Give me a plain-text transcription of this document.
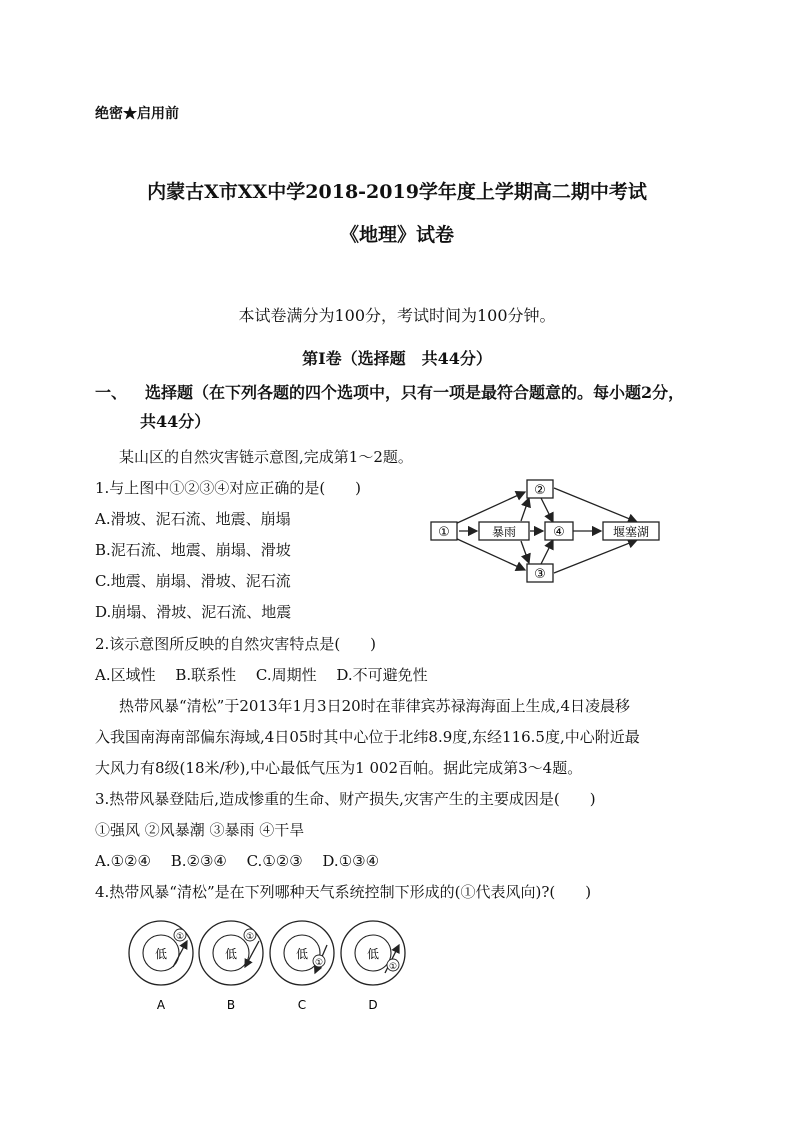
绝密★启用前
内蒙古X市XX中学2018-2019学年度上学期高二期中考试
《地理》试卷
本试卷满分为100分，考试时间为100分钟。
第Ⅰ卷（选择题　共44分）
一、 选择题（在下列各题的四个选项中，只有一项是最符合题意的。每小题2分，
共44分）
某山区的自然灾害链示意图,完成第1～2题。
1.与上图中①②③④对应正确的是(　　)
A.滑坡、泥石流、地震、崩塌
B.泥石流、地震、崩塌、滑坡
C.地震、崩塌、滑坡、泥石流
D.崩塌、滑坡、泥石流、地震
①	暴雨
②
③
④	堰塞湖
2.该示意图所反映的自然灾害特点是(　　)
A.区域性　 B.联系性　 C.周期性　 D.不可避免性
热带风暴“清松”于2013年1月3日20时在菲律宾苏禄海海面上生成,4日凌晨移
入我国南海南部偏东海域,4日05时其中心位于北纬8.9度,东经116.5度,中心附近最
大风力有8级(18米/秒),中心最低气压为1 002百帕。据此完成第3～4题。
3.热带风暴登陆后,造成惨重的生命、财产损失,灾害产生的主要成因是(　　)
①强风 ②风暴潮 ③暴雨 ④干旱
A.①②④　 B.②③④　 C.①②③　 D.①③④
4.热带风暴“清松”是在下列哪种天气系统控制下形成的(①代表风向)?(　　)
低
①
A
低
①
B
低
①
C
低
①
D
